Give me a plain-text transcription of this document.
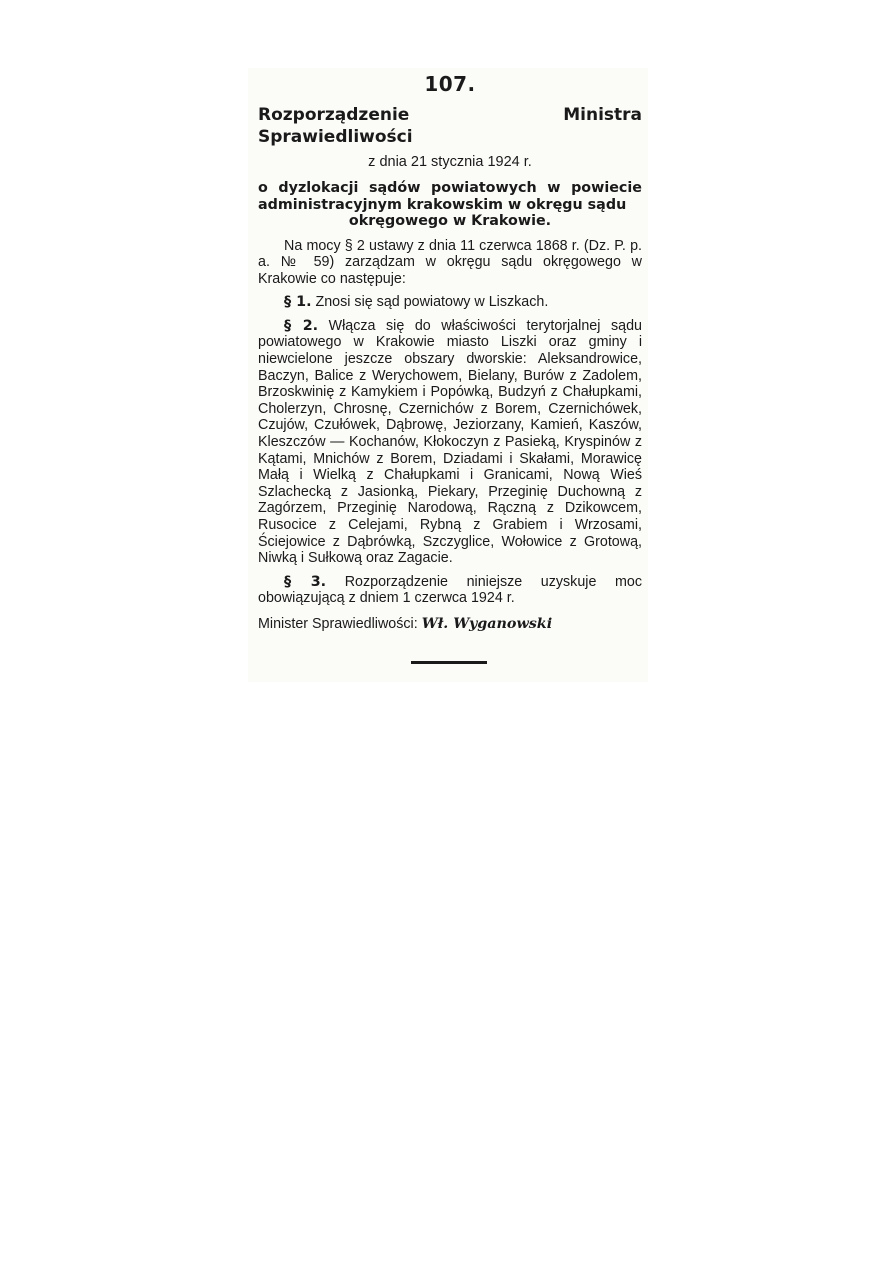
107.
Rozporządzenie Ministra Sprawiedliwości
z dnia 21 stycznia 1924 r.
o dyzlokacji sądów powiatowych w powiecie administracyjnym krakowskim w okręgu sądu
okręgowego w Krakowie.

Na mocy § 2 ustawy z dnia 11 czerwca 1868 r. (Dz. P. p. a. № 59) zarządzam w okręgu sądu okręgowego w Krakowie co następuje:

§ 1. Znosi się sąd powiatowy w Liszkach.

§ 2. Włącza się do właściwości terytorjalnej sądu powiatowego w Krakowie miasto Liszki oraz gminy i niewcielone jeszcze obszary dworskie: Aleksandrowice, Baczyn, Balice z Werychowem, Bielany, Burów z Zadolem, Brzoskwinię z Kamykiem i Popówką, Budzyń z Chałupkami, Cholerzyn, Chrosnę, Czernichów z Borem, Czernichówek, Czujów, Czułówek, Dąbrowę, Jeziorzany, Kamień, Kaszów, Kleszczów — Kochanów, Kłokoczyn z Pasieką, Kryspinów z Kątami, Mnichów z Borem, Dziadami i Skałami, Morawicę Małą i Wielką z Chałupkami i Granicami, Nową Wieś Szlachecką z Jasionką, Piekary, Przeginię Duchowną z Zagórzem, Przeginię Narodową, Rączną z Dzikowcem, Rusocice z Celejami, Rybną z Grabiem i Wrzosami, Ściejowice z Dąbrówką, Szczyglice, Wołowice z Grotową, Niwką i Sułkową oraz Zagacie.

§ 3. Rozporządzenie niniejsze uzyskuje moc obowiązującą z dniem 1 czerwca 1924 r.

Minister Sprawiedliwości: Wł. Wyganowski
